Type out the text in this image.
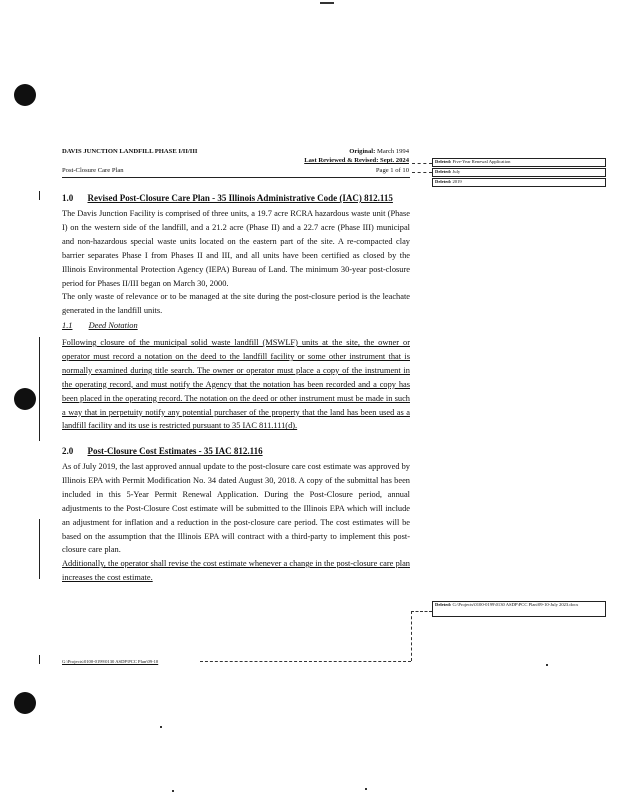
DAVIS JUNCTION LANDFILL PHASE I/II/III	Original: March 1994
Last Reviewed & Revised: Sept. 2024
Post-Closure Care Plan	Page 1 of 10
Deleted: Five-Year Renewal Application
Deleted: July
Deleted: 2019
1.0 Revised Post-Closure Care Plan - 35 Illinois Administrative Code (IAC) 812.115
The Davis Junction Facility is comprised of three units, a 19.7 acre RCRA hazardous waste unit (Phase I) on the western side of the landfill, and a 21.2 acre (Phase II) and a 22.7 acre (Phase III) municipal and non-hazardous special waste units located on the eastern part of the site. A re-compacted clay barrier separates Phase I from Phases II and III, and all units have been certified as closed by the Illinois Environmental Protection Agency (IEPA) Bureau of Land. The minimum 30-year post-closure period for Phases II/III began on March 30, 2000.
The only waste of relevance or to be managed at the site during the post-closure period is the leachate generated in the landfill units.
1.1 Deed Notation
Following closure of the municipal solid waste landfill (MSWLF) units at the site, the owner or operator must record a notation on the deed to the landfill facility or some other instrument that is normally examined during title search. The owner or operator must place a copy of the instrument in the operating record, and must notify the Agency that the notation has been recorded and a copy has been placed in the operating record. The notation on the deed or other instrument must be made in such a way that in perpetuity notify any potential purchaser of the property that the land has been used as a landfill facility and its use is restricted pursuant to 35 IAC 811.111(d).
2.0 Post-Closure Cost Estimates - 35 IAC 812.116
As of July 2019, the last approved annual update to the post-closure care cost estimate was approved by Illinois EPA with Permit Modification No. 34 dated August 30, 2018. A copy of the submittal has been included in this 5-Year Permit Renewal Application. During the Post-Closure period, annual adjustments to the Post-Closure Cost estimate will be submitted to the Illinois EPA which will include an adjustment for inflation and a reduction in the post-closure care period. The cost estimates will be based on the assumption that the Illinois EPA will contract with a third-party to implement this post-closure care plan.
Additionally, the operator shall revise the cost estimate whenever a change in the post-closure care plan increases the cost estimate.
Deleted: G:\Projects\0100-0199\0130 ASDP\PCC Plan\09-10-July 2023.docx
G:\Projects\0100-0199\0130 ASDP\PCC Plan\09-10
